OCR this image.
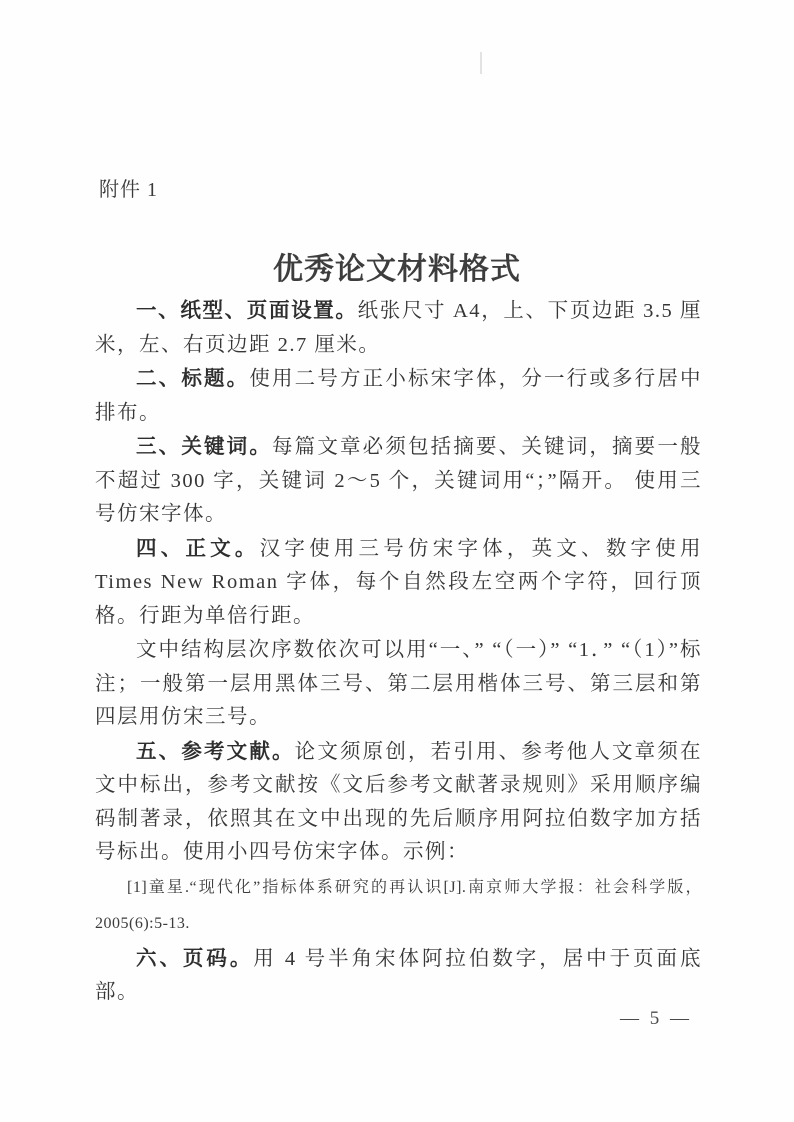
附件 1
优秀论文材料格式

一、纸型、页面设置。纸张尺寸 A4，上、下页边距 3.5 厘米，左、右页边距 2.7 厘米。

二、标题。使用二号方正小标宋字体，分一行或多行居中排布。

三、关键词。每篇文章必须包括摘要、关键词，摘要一般不超过 300 字，关键词 2～5 个，关键词用“；”隔开。 使用三号仿宋字体。

四、正文。汉字使用三号仿宋字体，英文、数字使用 Times New Roman 字体，每个自然段左空两个字符，回行顶格。行距为单倍行距。

文中结构层次序数依次可以用“一、” “（一）” “1．” “（1）”标注；一般第一层用黑体三号、第二层用楷体三号、第三层和第四层用仿宋三号。

五、参考文献。论文须原创，若引用、参考他人文章须在文中标出，参考文献按《文后参考文献著录规则》采用顺序编码制著录，依照其在文中出现的先后顺序用阿拉伯数字加方括号标出。使用小四号仿宋字体。示例：

[1]童星.“现代化”指标体系研究的再认识[J].南京师大学报：社会科学版，2005(6):5-13.

六、页码。用 4 号半角宋体阿拉伯数字，居中于页面底部。

— 5 —
